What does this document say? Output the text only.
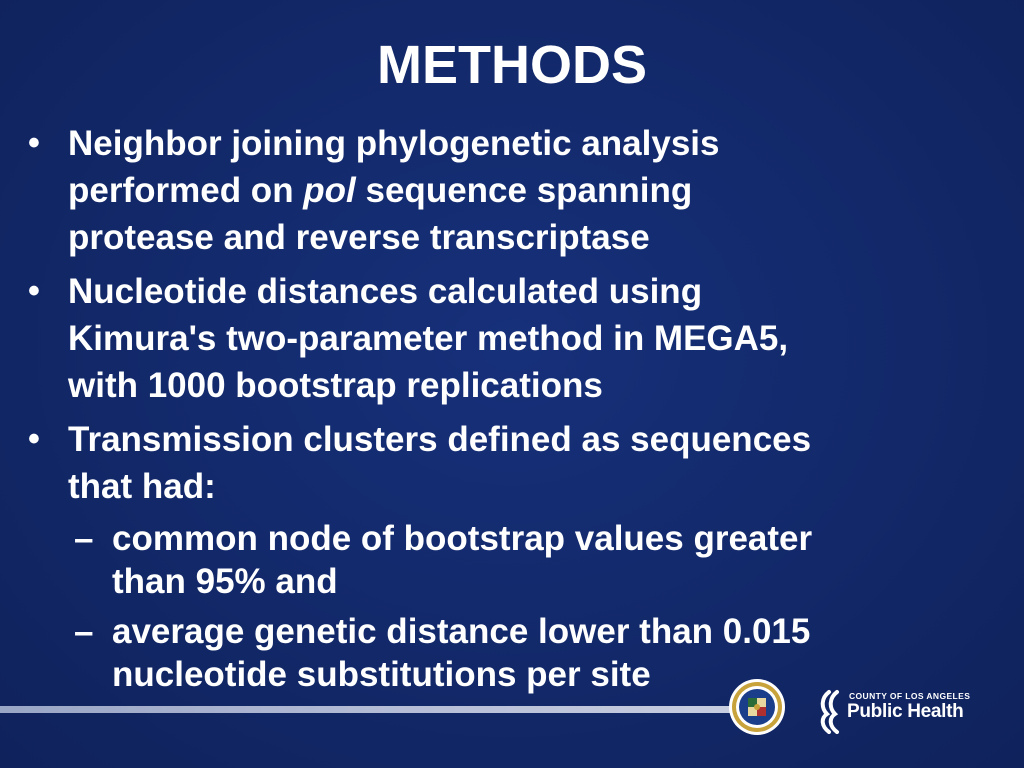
METHODS
• Neighbor joining phylogenetic analysis
performed on pol sequence spanning
protease and reverse transcriptase
• Nucleotide distances calculated using
Kimura's two-parameter method in MEGA5,
with 1000 bootstrap replications
• Transmission clusters defined as sequences
that had:
– common node of bootstrap values greater
than 95% and
– average genetic distance lower than 0.015
nucleotide substitutions per site
COUNTY OF LOS ANGELES
Public Health
